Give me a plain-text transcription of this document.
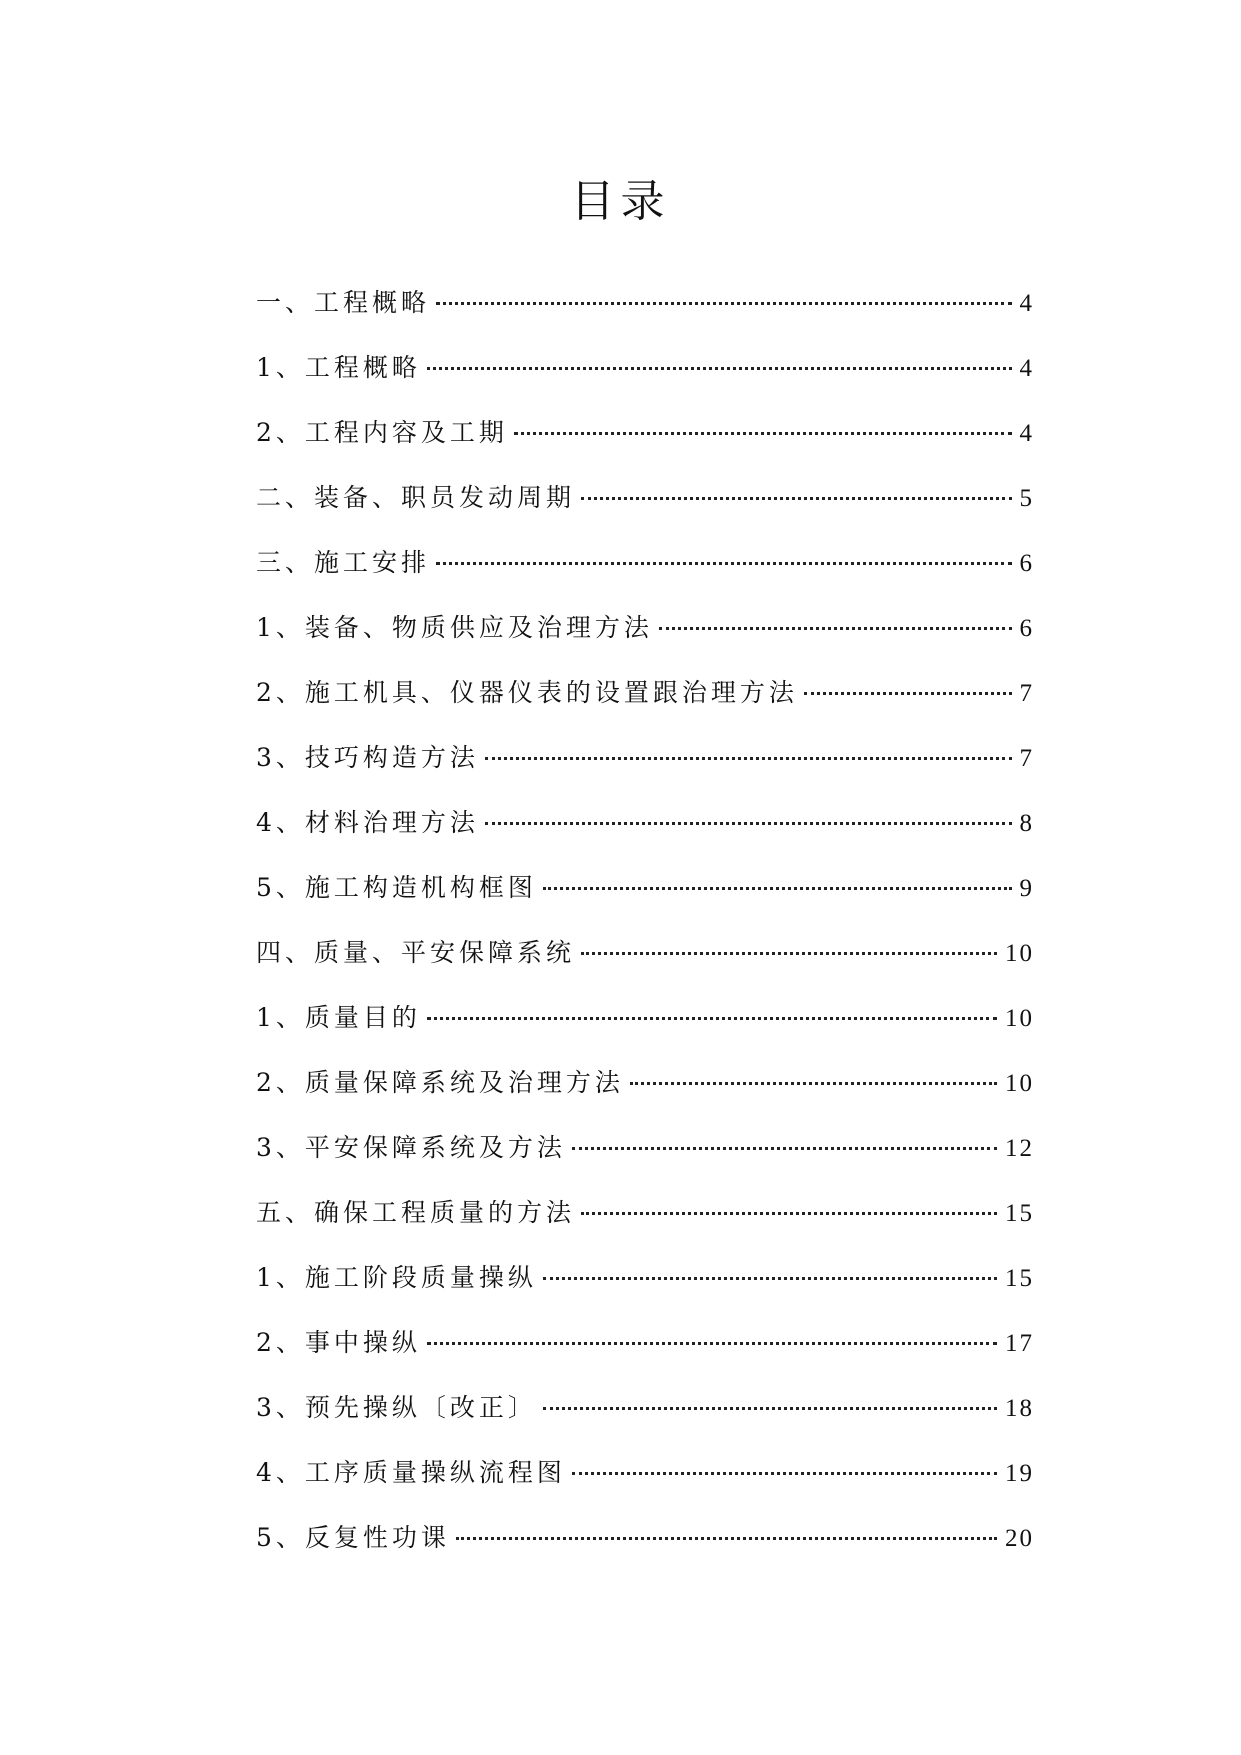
目录
一、工程概略	4
1、工程概略	4
2、工程内容及工期	4
二、装备、职员发动周期	5
三、施工安排	6
1、装备、物质供应及治理方法	6
2、施工机具、仪器仪表的设置跟治理方法	7
3、技巧构造方法	7
4、材料治理方法	8
5、施工构造机构框图	9
四、质量、平安保障系统	10
1、质量目的	10
2、质量保障系统及治理方法	10
3、平安保障系统及方法	12
五、确保工程质量的方法	15
1、施工阶段质量操纵	15
2、事中操纵	17
3、预先操纵〔改正〕	18
4、工序质量操纵流程图	19
5、反复性功课	20
